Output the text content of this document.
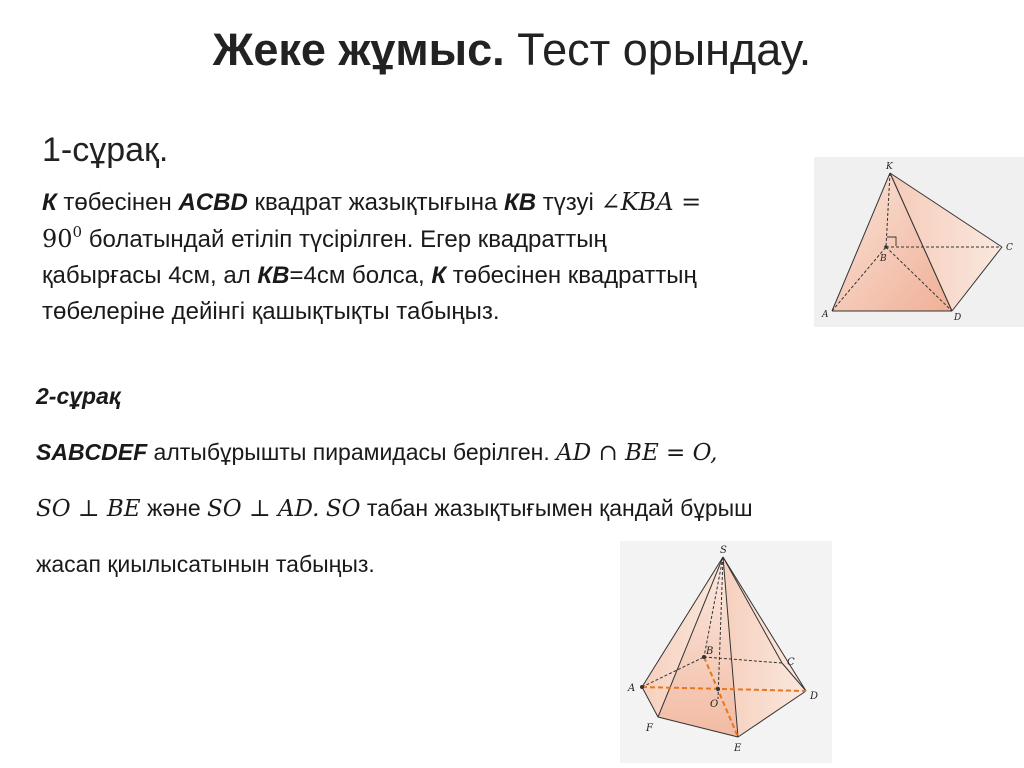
Жеке жұмыс. Тест орындау.
1-сұрақ.
К төбесінен ACBD квадрат жазықтығына КВ түзуі ∠KBA =
$90^0$ болатындай етіліп түсірілген. Егер квадраттың
қабырғасы 4см, ал КВ=4см болса, К төбесінен квадраттың
төбелеріне дейінгі қашықтықты табыңыз.
K
C
B
A	D
2-сұрақ
SABCDEF алтыбұрышты пирамидасы берілген. AD ∩ BE = O,
SO ⊥ BE және SO ⊥ AD. SO табан жазықтығымен қандай бұрыш
жасап қиылысатынын табыңыз.
S
B
C
A
O
D
F
E
